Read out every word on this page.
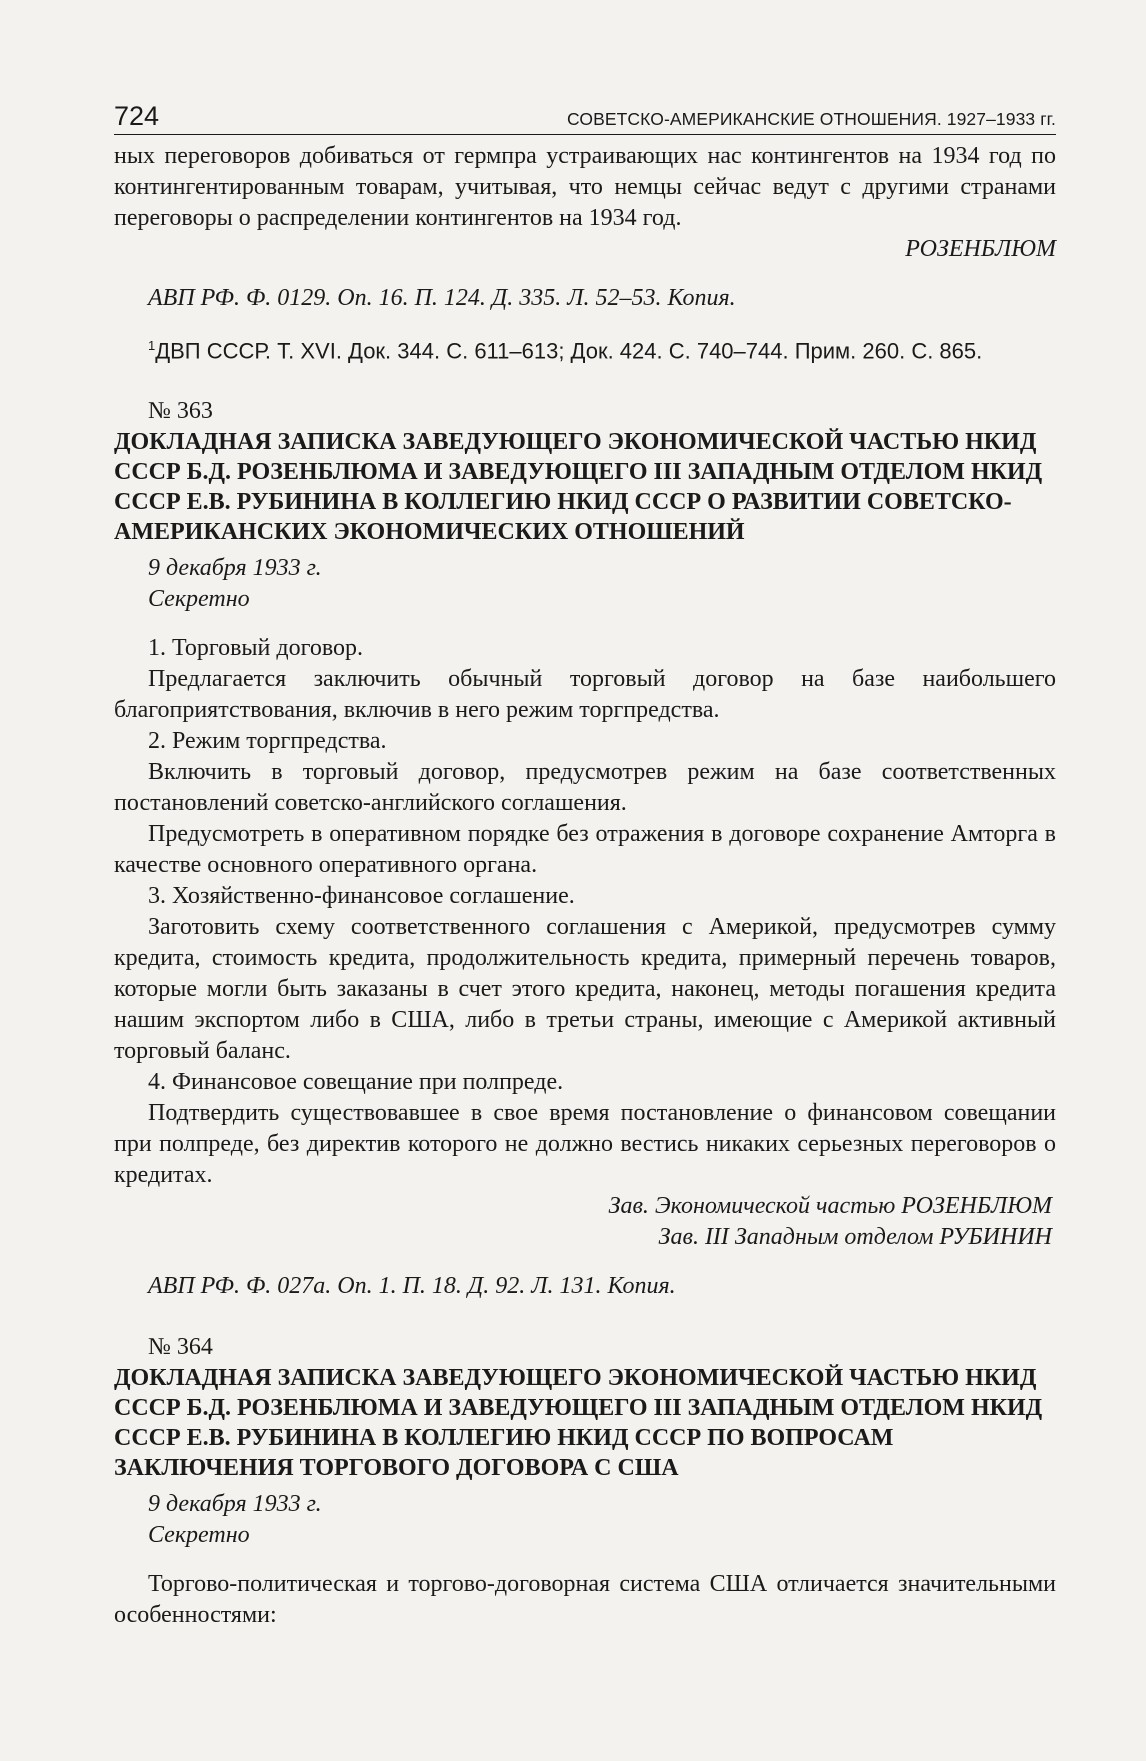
724	СОВЕТСКО-АМЕРИКАНСКИЕ ОТНОШЕНИЯ. 1927–1933 гг.

ных переговоров добиваться от гермпра устраивающих нас контингентов на 1934 год по контингентированным товарам, учитывая, что немцы сейчас ведут с другими странами переговоры о распределении контингентов на 1934 год.

РОЗЕНБЛЮМ

АВП РФ. Ф. 0129. Оп. 16. П. 124. Д. 335. Л. 52–53. Копия.

$^1$ДВП СССР. Т. XVI. Док. 344. С. 611–613; Док. 424. С. 740–744. Прим. 260. С. 865.

№ 363

ДОКЛАДНАЯ ЗАПИСКА ЗАВЕДУЮЩЕГО ЭКОНОМИЧЕСКОЙ ЧАСТЬЮ НКИД СССР Б.Д. РОЗЕНБЛЮМА И ЗАВЕДУЮЩЕГО III ЗАПАДНЫМ ОТДЕЛОМ НКИД СССР Е.В. РУБИНИНА В КОЛЛЕГИЮ НКИД СССР О РАЗВИТИИ СОВЕТСКО-АМЕРИКАНСКИХ ЭКОНОМИЧЕСКИХ ОТНОШЕНИЙ

9 декабря 1933 г.

Секретно

1. Торговый договор.

Предлагается заключить обычный торговый договор на базе наибольшего благоприятствования, включив в него режим торгпредства.

2. Режим торгпредства.

Включить в торговый договор, предусмотрев режим на базе соответственных постановлений советско-английского соглашения.

Предусмотреть в оперативном порядке без отражения в договоре сохранение Амторга в качестве основного оперативного органа.

3. Хозяйственно-финансовое соглашение.

Заготовить схему соответственного соглашения с Америкой, предусмотрев сумму кредита, стоимость кредита, продолжительность кредита, примерный перечень товаров, которые могли быть заказаны в счет этого кредита, наконец, методы погашения кредита нашим экспортом либо в США, либо в третьи страны, имеющие с Америкой активный торговый баланс.

4. Финансовое совещание при полпреде.

Подтвердить существовавшее в свое время постановление о финансовом совещании при полпреде, без директив которого не должно вестись никаких серьезных переговоров о кредитах.

Зав. Экономической частью РОЗЕНБЛЮМ

Зав. III Западным отделом РУБИНИН

АВП РФ. Ф. 027а. Оп. 1. П. 18. Д. 92. Л. 131. Копия.

№ 364

ДОКЛАДНАЯ ЗАПИСКА ЗАВЕДУЮЩЕГО ЭКОНОМИЧЕСКОЙ ЧАСТЬЮ НКИД СССР Б.Д. РОЗЕНБЛЮМА И ЗАВЕДУЮЩЕГО III ЗАПАДНЫМ ОТДЕЛОМ НКИД СССР Е.В. РУБИНИНА В КОЛЛЕГИЮ НКИД СССР ПО ВОПРОСАМ ЗАКЛЮЧЕНИЯ ТОРГОВОГО ДОГОВОРА С США

9 декабря 1933 г.

Секретно

Торгово-политическая и торгово-договорная система США отличается значительными особенностями:
